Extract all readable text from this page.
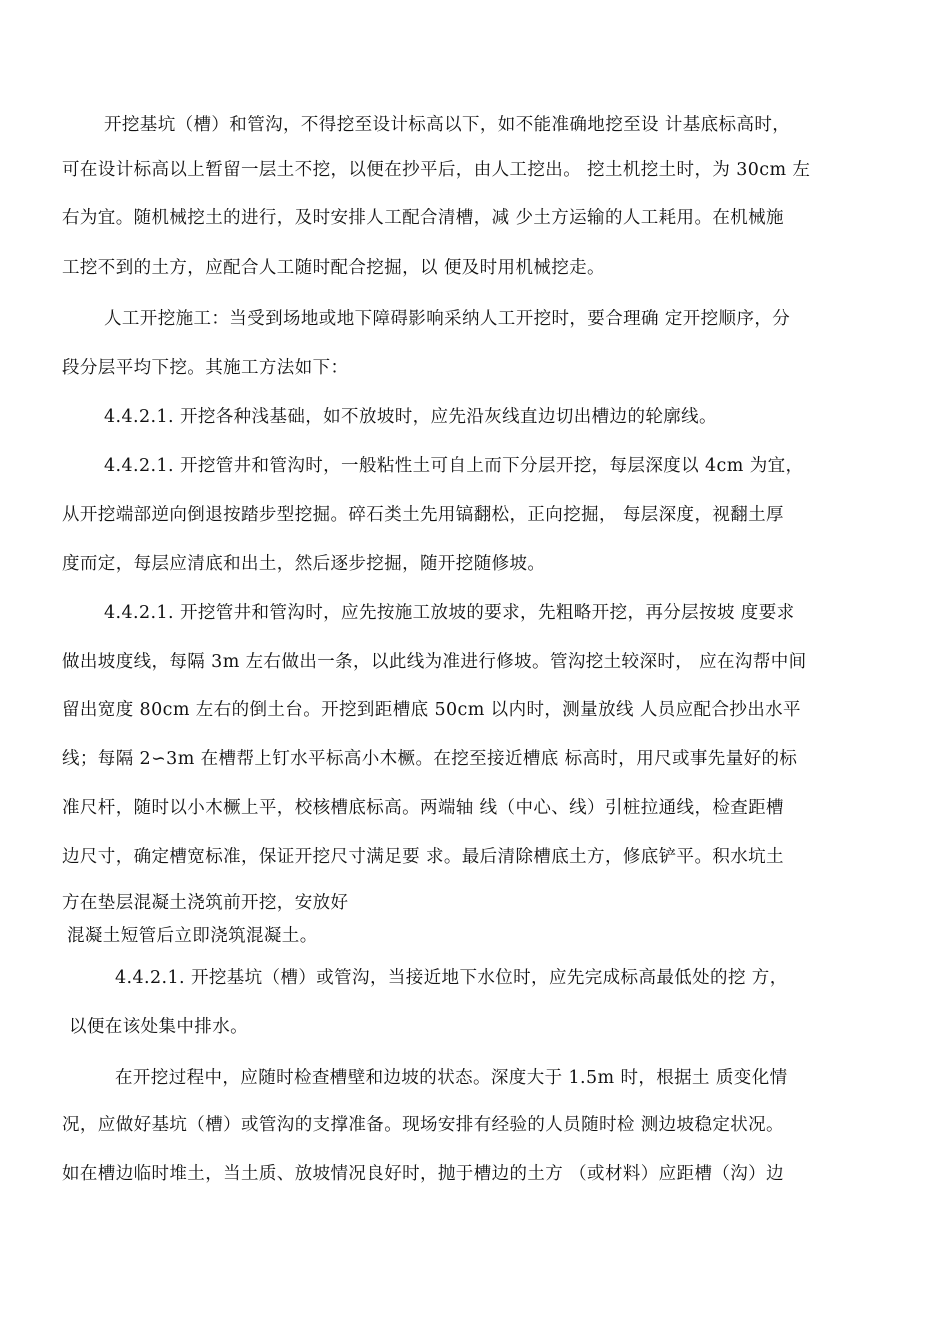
开挖基坑（槽）和管沟，不得挖至设计标高以下，如不能准确地挖至设 计基底标高时，
可在设计标高以上暂留一层土不挖，以便在抄平后，由人工挖出。 挖土机挖土时，为 30cm 左
右为宜。随机械挖土的进行，及时安排人工配合清槽，减 少土方运输的人工耗用。在机械施
工挖不到的土方，应配合人工随时配合挖掘，以 便及时用机械挖走。
人工开挖施工：当受到场地或地下障碍影响采纳人工开挖时，要合理确 定开挖顺序，分
段分层平均下挖。其施工方法如下：
4.4.2.1. 开挖各种浅基础，如不放坡时，应先沿灰线直边切出槽边的轮廓线。
4.4.2.1. 开挖管井和管沟时，一般粘性土可自上而下分层开挖，每层深度以 4cm 为宜，
从开挖端部逆向倒退按踏步型挖掘。碎石类土先用镐翻松，正向挖掘， 每层深度，视翻土厚
度而定，每层应清底和出土，然后逐步挖掘，随开挖随修坡。
4.4.2.1. 开挖管井和管沟时，应先按施工放坡的要求，先粗略开挖，再分层按坡 度要求
做出坡度线，每隔 3m 左右做出一条，以此线为准进行修坡。管沟挖土较深时， 应在沟帮中间
留出宽度 80cm 左右的倒土台。开挖到距槽底 50cm 以内时，测量放线 人员应配合抄出水平
线；每隔 2∽3m 在槽帮上钉水平标高小木橛。在挖至接近槽底 标高时，用尺或事先量好的标
准尺杆，随时以小木橛上平，校核槽底标高。两端轴 线（中心、线）引桩拉通线，检查距槽
边尺寸，确定槽宽标准，保证开挖尺寸满足要 求。最后清除槽底土方，修底铲平。积水坑土
方在垫层混凝土浇筑前开挖，安放好
混凝土短管后立即浇筑混凝土。
4.4.2.1. 开挖基坑（槽）或管沟，当接近地下水位时，应先完成标高最低处的挖 方，
以便在该处集中排水。
在开挖过程中，应随时检查槽壁和边坡的状态。深度大于 1.5m 时，根据土 质变化情
况，应做好基坑（槽）或管沟的支撑准备。现场安排有经验的人员随时检 测边坡稳定状况。
如在槽边临时堆土，当土质、放坡情况良好时，抛于槽边的土方 （或材料）应距槽（沟）边
